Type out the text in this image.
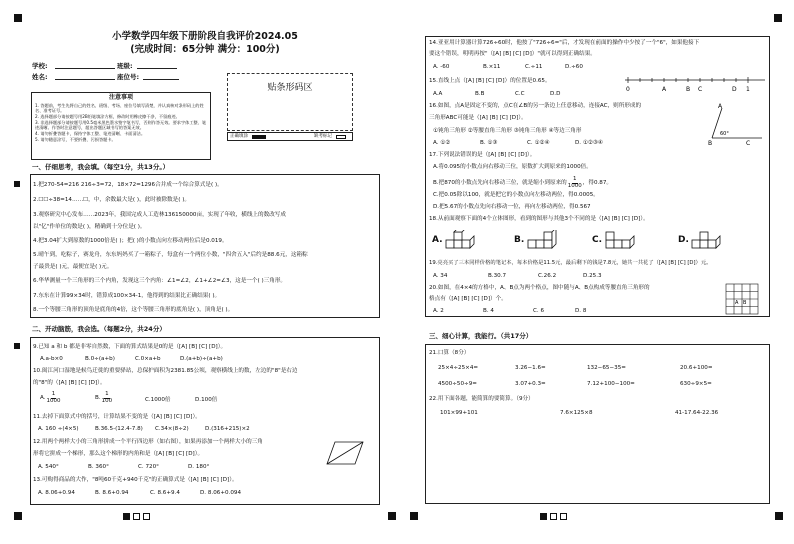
小学数学四年级下册阶段自我评价2024.05
(完成时间：65分钟 满分：100分)
学校:	班级:
姓名:	座位号:
注意事项
1. 答题前，考生先将自己的姓名、班级、考场、座位号填写清楚，并认真核对条形码上的姓名、准考证号。
2. 选择题部分请按题号用2B铅笔填涂方框，修改时用橡皮擦干净，不留痕迹。
3. 非选择题部分请按题号用0.5毫米黑色墨水签字笔书写，否则作答无效。要求字体工整、笔迹清晰。作答时注意题号，超出答题区域书写的答案无效。
4. 请勿折叠答题卡，保持字体工整、笔迹清晰、卡面清洁。
5. 请勿随意涂写，不要折叠、污损答题卡。
贴条形码区
正确填涂	缺考标记
一、仔细思考，我会填。（每空1分，共13分。）
1.把270-54=216 216÷3=72，18×72=1296合并成一个综合算式是( )。
2.☐☐÷38=14……☐，中，余数最大是( )，此时被除数是( )。
3.观察研究中心发布……2023年，我国完成人工造林136150000亩，实现了年收，横线上的数改写成
以"亿"作单位的数是( )，精确到十分位是( )。
4.把3.04扩大到原数的1000倍是( )；把( )的小数点向左移动两位后是0.019。
5.晴午到，吃粽子，赛龙舟，东东妈妈买了一箱粽子，每盒有一个两位小数，"四舍五入"后约是88.6元，这箱粽
子最贵是( )元，最便宜是( )元。
6.华华测量一个三角形的三个内角，发现这三个内角：∠1=∠2，∠1+∠2=∠3，这是一个( )三角形。
7.东东在计算99×34时，错算成100×34-1，他得到的结果比正确结果( )。
8.一个等腰三角形的顶角是底角的4倍，这个等腰三角形的底角是( )，顶角是( )。
二、开动脑筋，我会选。（每题2分，共24分）
9.已知 a 和 b 都是非零自然数，下面的算式结果是0的是（[A] [B] [C] [D]）。
A.a-b×0	B.0÷(a+b)	C.0×a+b	D.(a+b)÷(a+b)
10.闽江河口湿地是候鸟迁徙的重要驿站，总保护面积为2381.85公顷，观察横线上的数，左边的"8"是右边
的"8"的（[A] [B] [C] [D]）。
A. $\frac{1}{1000}$	B. $\frac{1}{100}$	C.1000倍	D.100倍
11.去掉下面算式中的括号，计算结果不变的是（[A] [B] [C] [D]）。
A. 160 ÷(4×5)	B.36.5-(12.4-7.8) C.34×(8÷2)	D.(316+215)×2
12.用两个两样大小的三角形拼成一个平行四边形（如右图），如果再添加一个两样大小的三角
形将它拼成一个梯形，那么这个梯形的内角和是（[A] [B] [C] [D]）。
A. 540°	B. 360°	C. 720°	D. 180°
13.可购得商品的大作，"8吨60千克+940千克"的正确算式是（[A] [B] [C] [D]）。
A. 8.06+0.94	B. 8.6+0.94	C. 8.6+9.4	D. 8.06+0.094
14.亚亚用计算器计算726÷60时，他按了"726÷6="后，才发现在前面的操作中少按了一个"6"，如果他接下
要这个错误，明明再按"（[A] [B] [C] [D]）"就可以得到正确结果。
A. -60	B.×11	C.÷11	D.÷60
15.直线上点（[A] [B] [C] [D]）的位置是0.65。
0	A	B C	D 1
A.A	B.B	C.C	D.D
16.如图，点A是固定不变的，点C在∠B的另一条边上任意移动，连接AC，则所形成的
三角形ABC可能是（[A] [B] [C] [D]）。
①钝角三角形 ②等腰直角三角形 ③钝角三角形 ④等边三角形
A. ①②	B. ①③	C. ①②④	D. ①②③④
A
B	C
60°
17.下列说法错误的是（[A] [B] [C] [D]）。
A.将0.095的小数点向右移动三位，原数扩大到原来的1000倍。
B.把870的小数点先向右移动三位，就是缩小到原来的 $\frac{1}{1000}$ ，得0.87。
C.把0.05除以100，就是把它的小数点向左移动两位，得0.0005。
D.把5.67的小数点先向右移动一位，再向左移动两位，得0.567
18.从前面观察下面的4个立体图形，看到的图形与其他3个不同的是（[A] [B] [C] [D]）。
A.	B.	C.	D.
19.亮亮买了三本同样价格的笔记本，每本价格是11.5元，最后剩下的钱是7.8元，她共一共花了（[A] [B] [C] [D]）元。
A. 34	B.30.7	C.26.2	D.25.3
20.如图，在4×4的方格中，A、B点为两个格点，图中随与A、B点构成等腰直角三角形的
格点有（[A] [B] [C] [D]）个。
A. 2	B. 4	C. 6	D. 8
A B
三、细心计算，我能行。（共17分）
21.口算（8分）
25×4÷25×4=	3.26−1.6=	132−65−35=	20.6+100=
4500÷50÷9=	3.07+0.3=	7.12+100−100=	630÷9×5=
22.用下面各题，能简算的要简算。（9分）
101×99+101	7.6×125×8	41-17.64-22.36
